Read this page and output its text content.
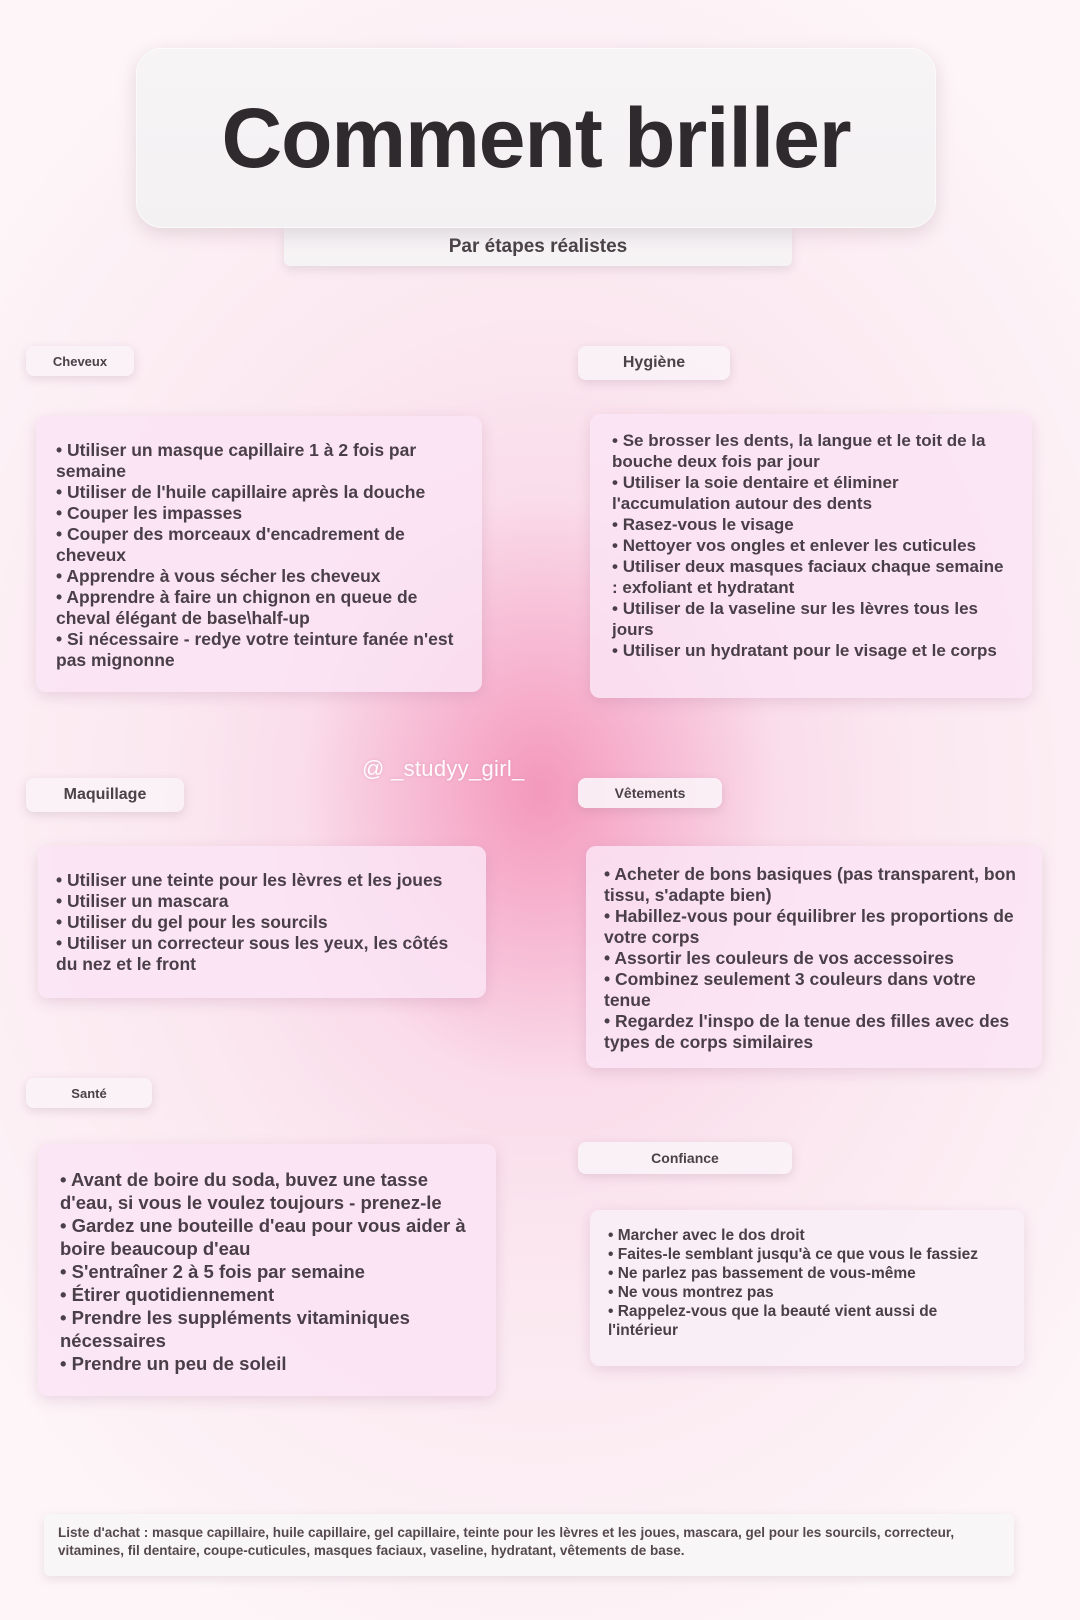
Comment briller
Par étapes réalistes
Cheveux
• Utiliser un masque capillaire 1 à 2 fois par semaine
• Utiliser de l'huile capillaire après la douche
• Couper les impasses
• Couper des morceaux d'encadrement de cheveux
• Apprendre à vous sécher les cheveux
• Apprendre à faire un chignon en queue de cheval élégant de base\half-up
• Si nécessaire - redye votre teinture fanée n'est pas mignonne
Hygiène
• Se brosser les dents, la langue et le toit de la bouche deux fois par jour
• Utiliser la soie dentaire et éliminer l'accumulation autour des dents
• Rasez-vous le visage
• Nettoyer vos ongles et enlever les cuticules
• Utiliser deux masques faciaux chaque semaine : exfoliant et hydratant
• Utiliser de la vaseline sur les lèvres tous les jours
• Utiliser un hydratant pour le visage et le corps
@ _studyy_girl_
Maquillage
• Utiliser une teinte pour les lèvres et les joues
• Utiliser un mascara
• Utiliser du gel pour les sourcils
• Utiliser un correcteur sous les yeux, les côtés du nez et le front
Vêtements
• Acheter de bons basiques (pas transparent, bon tissu, s'adapte bien)
• Habillez-vous pour équilibrer les proportions de votre corps
• Assortir les couleurs de vos accessoires
• Combinez seulement 3 couleurs dans votre tenue
• Regardez l'inspo de la tenue des filles avec des types de corps similaires
Santé
• Avant de boire du soda, buvez une tasse d'eau, si vous le voulez toujours - prenez-le
• Gardez une bouteille d'eau pour vous aider à boire beaucoup d'eau
• S'entraîner 2 à 5 fois par semaine
• Étirer quotidiennement
• Prendre les suppléments vitaminiques nécessaires
• Prendre un peu de soleil
Confiance
• Marcher avec le dos droit
• Faites-le semblant jusqu'à ce que vous le fassiez
• Ne parlez pas bassement de vous-même
• Ne vous montrez pas
• Rappelez-vous que la beauté vient aussi de l'intérieur
Liste d'achat : masque capillaire, huile capillaire, gel capillaire, teinte pour les lèvres et les joues, mascara, gel pour les sourcils, correcteur, vitamines, fil dentaire, coupe-cuticules, masques faciaux, vaseline, hydratant, vêtements de base.
